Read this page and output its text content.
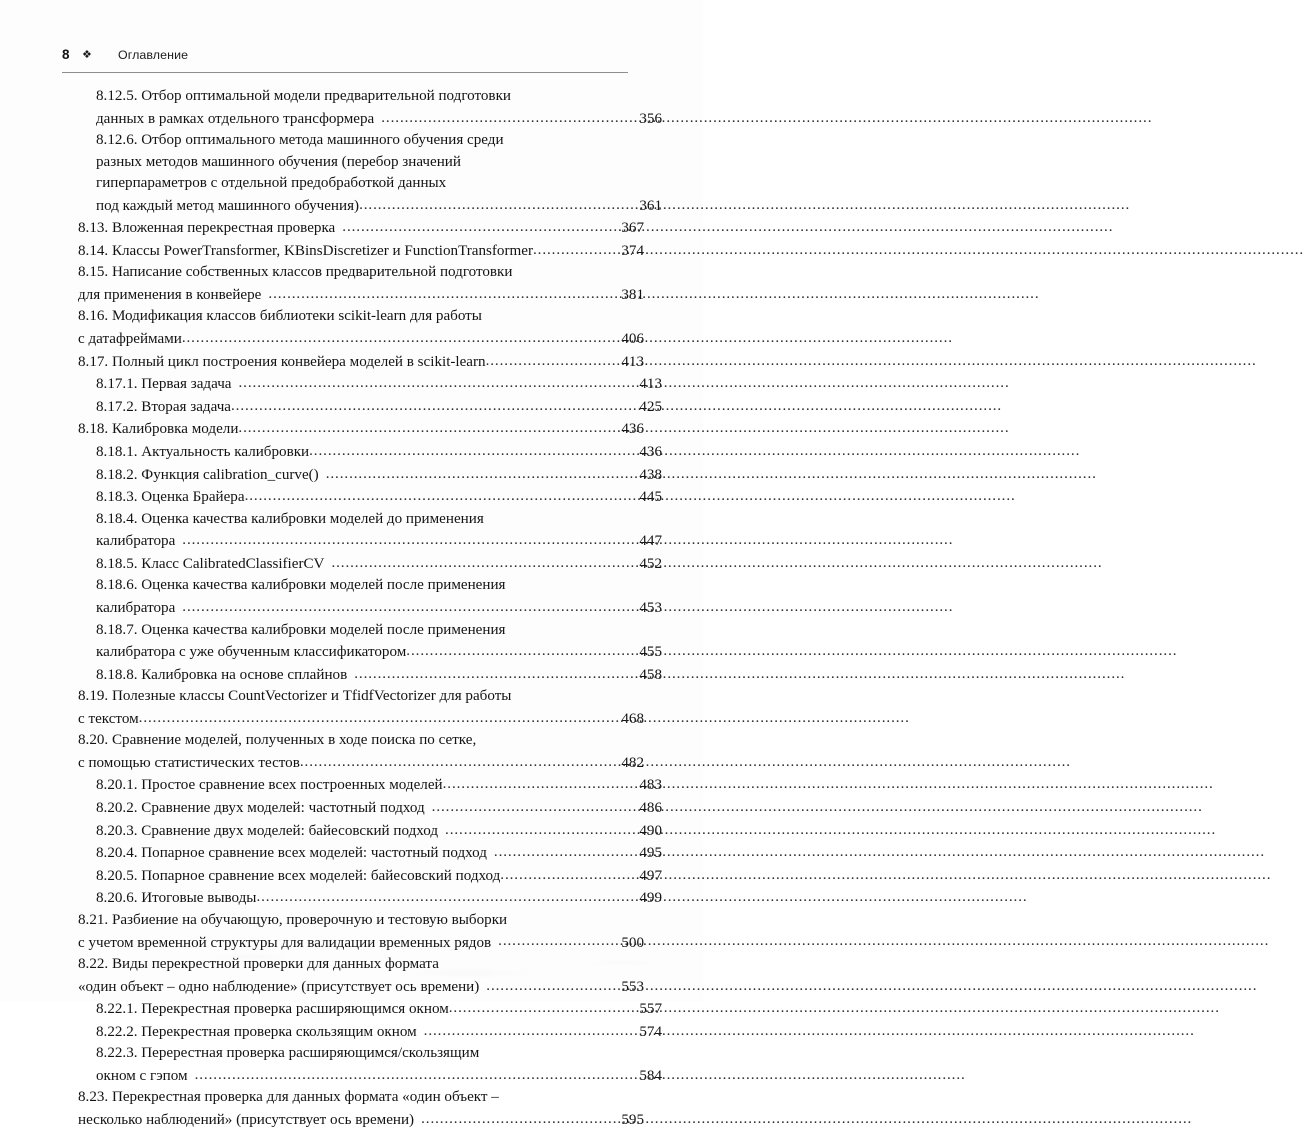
8	❖	Оглавление
8.12.5. Отбор оптимальной модели предварительной подготовки
данных в рамках отдельного трансформера .....	356
8.12.6. Отбор оптимального метода машинного обучения среди
разных методов машинного обучения (перебор значений
гиперпараметров с отдельной предобработкой данных
под каждый метод машинного обучения) .....	361
8.13. Вложенная перекрестная проверка .....	367
8.14. Классы PowerTransformer, KBinsDiscretizer и FunctionTransformer .....	374
8.15. Написание собственных классов предварительной подготовки
для применения в конвейере .....	381
8.16. Модификация классов библиотеки scikit-learn для работы
с датафреймами .....	406
8.17. Полный цикл построения конвейера моделей в scikit-learn .....	413
8.17.1. Первая задача .....	413
8.17.2. Вторая задача .....	425
8.18. Калибровка модели .....	436
8.18.1. Актуальность калибровки .....	436
8.18.2. Функция calibration_curve() .....	438
8.18.3. Оценка Брайера .....	445
8.18.4. Оценка качества калибровки моделей до применения
калибратора .....	447
8.18.5. Класс CalibratedClassifierCV .....	452
8.18.6. Оценка качества калибровки моделей после применения
калибратора .....	453
8.18.7. Оценка качества калибровки моделей после применения
калибратора с уже обученным классификатором .....	455
8.18.8. Калибровка на основе сплайнов .....	458
8.19. Полезные классы CountVectorizer и TfidfVectorizer для работы
с текстом .....	468
8.20. Сравнение моделей, полученных в ходе поиска по сетке,
с помощью статистических тестов .....	482
8.20.1. Простое сравнение всех построенных моделей .....	483
8.20.2. Сравнение двух моделей: частотный подход .....	486
8.20.3. Сравнение двух моделей: байесовский подход .....	490
8.20.4. Попарное сравнение всех моделей: частотный подход .....	495
8.20.5. Попарное сравнение всех моделей: байесовский подход .....	497
8.20.6. Итоговые выводы .....	499
8.21. Разбиение на обучающую, проверочную и тестовую выборки
с учетом временной структуры для валидации временных рядов .....	500
8.22. Виды перекрестной проверки для данных формата
«один объект – одно наблюдение» (присутствует ось времени) .....	553
8.22.1. Перекрестная проверка расширяющимся окном .....	557
8.22.2. Перекрестная проверка скользящим окном .....	574
8.22.3. Перерестная проверка расширяющимся/скользящим
окном с гэпом .....	584
8.23. Перекрестная проверка для данных формата «один объект –
несколько наблюдений» (присутствует ось времени) .....	595
